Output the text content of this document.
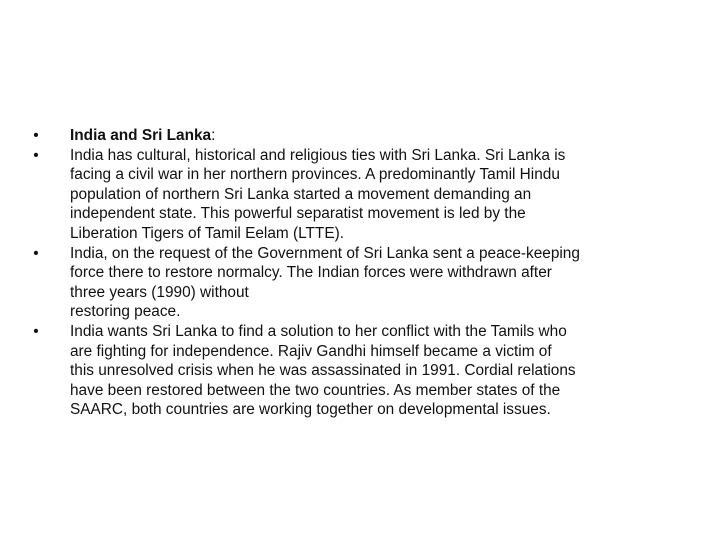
• India and Sri Lanka:
• India has cultural, historical and religious ties with Sri Lanka. Sri Lanka is
facing a civil war in her northern provinces. A predominantly Tamil Hindu
population of northern Sri Lanka started a movement demanding an
independent state. This powerful separatist movement is led by the
Liberation Tigers of Tamil Eelam (LTTE).
• India, on the request of the Government of Sri Lanka sent a peace-keeping
force there to restore normalcy. The Indian forces were withdrawn after
three years (1990) without
restoring peace.
• India wants Sri Lanka to find a solution to her conflict with the Tamils who
are fighting for independence. Rajiv Gandhi himself became a victim of
this unresolved crisis when he was assassinated in 1991. Cordial relations
have been restored between the two countries. As member states of the
SAARC, both countries are working together on developmental issues.
